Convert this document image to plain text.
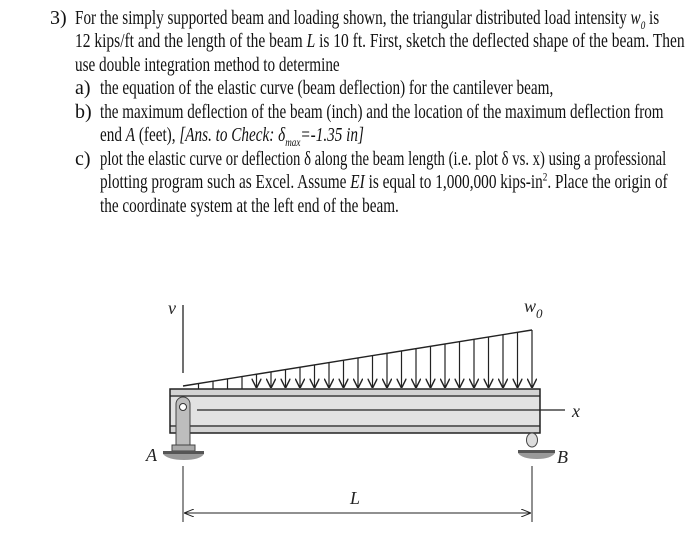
3) For the simply supported beam and loading shown, the triangular distributed load intensity $w_0$ is
12 kips/ft and the length of the beam L is 10 ft. First, sketch the deflected shape of the beam. Then
use double integration method to determine
a) the equation of the elastic curve (beam deflection) for the cantilever beam,
b) the maximum deflection of the beam (inch) and the location of the maximum deflection from
end A (feet), [Ans. to Check: $\delta_{max}=-1.35$ in]
c) plot the elastic curve or deflection δ along the beam length (i.e. plot δ vs. x) using a professional
plotting program such as Excel. Assume EI is equal to 1,000,000 kips-$in^2$. Place the origin of
the coordinate system at the left end of the beam.
v	$w_0$
x
A	B
L
